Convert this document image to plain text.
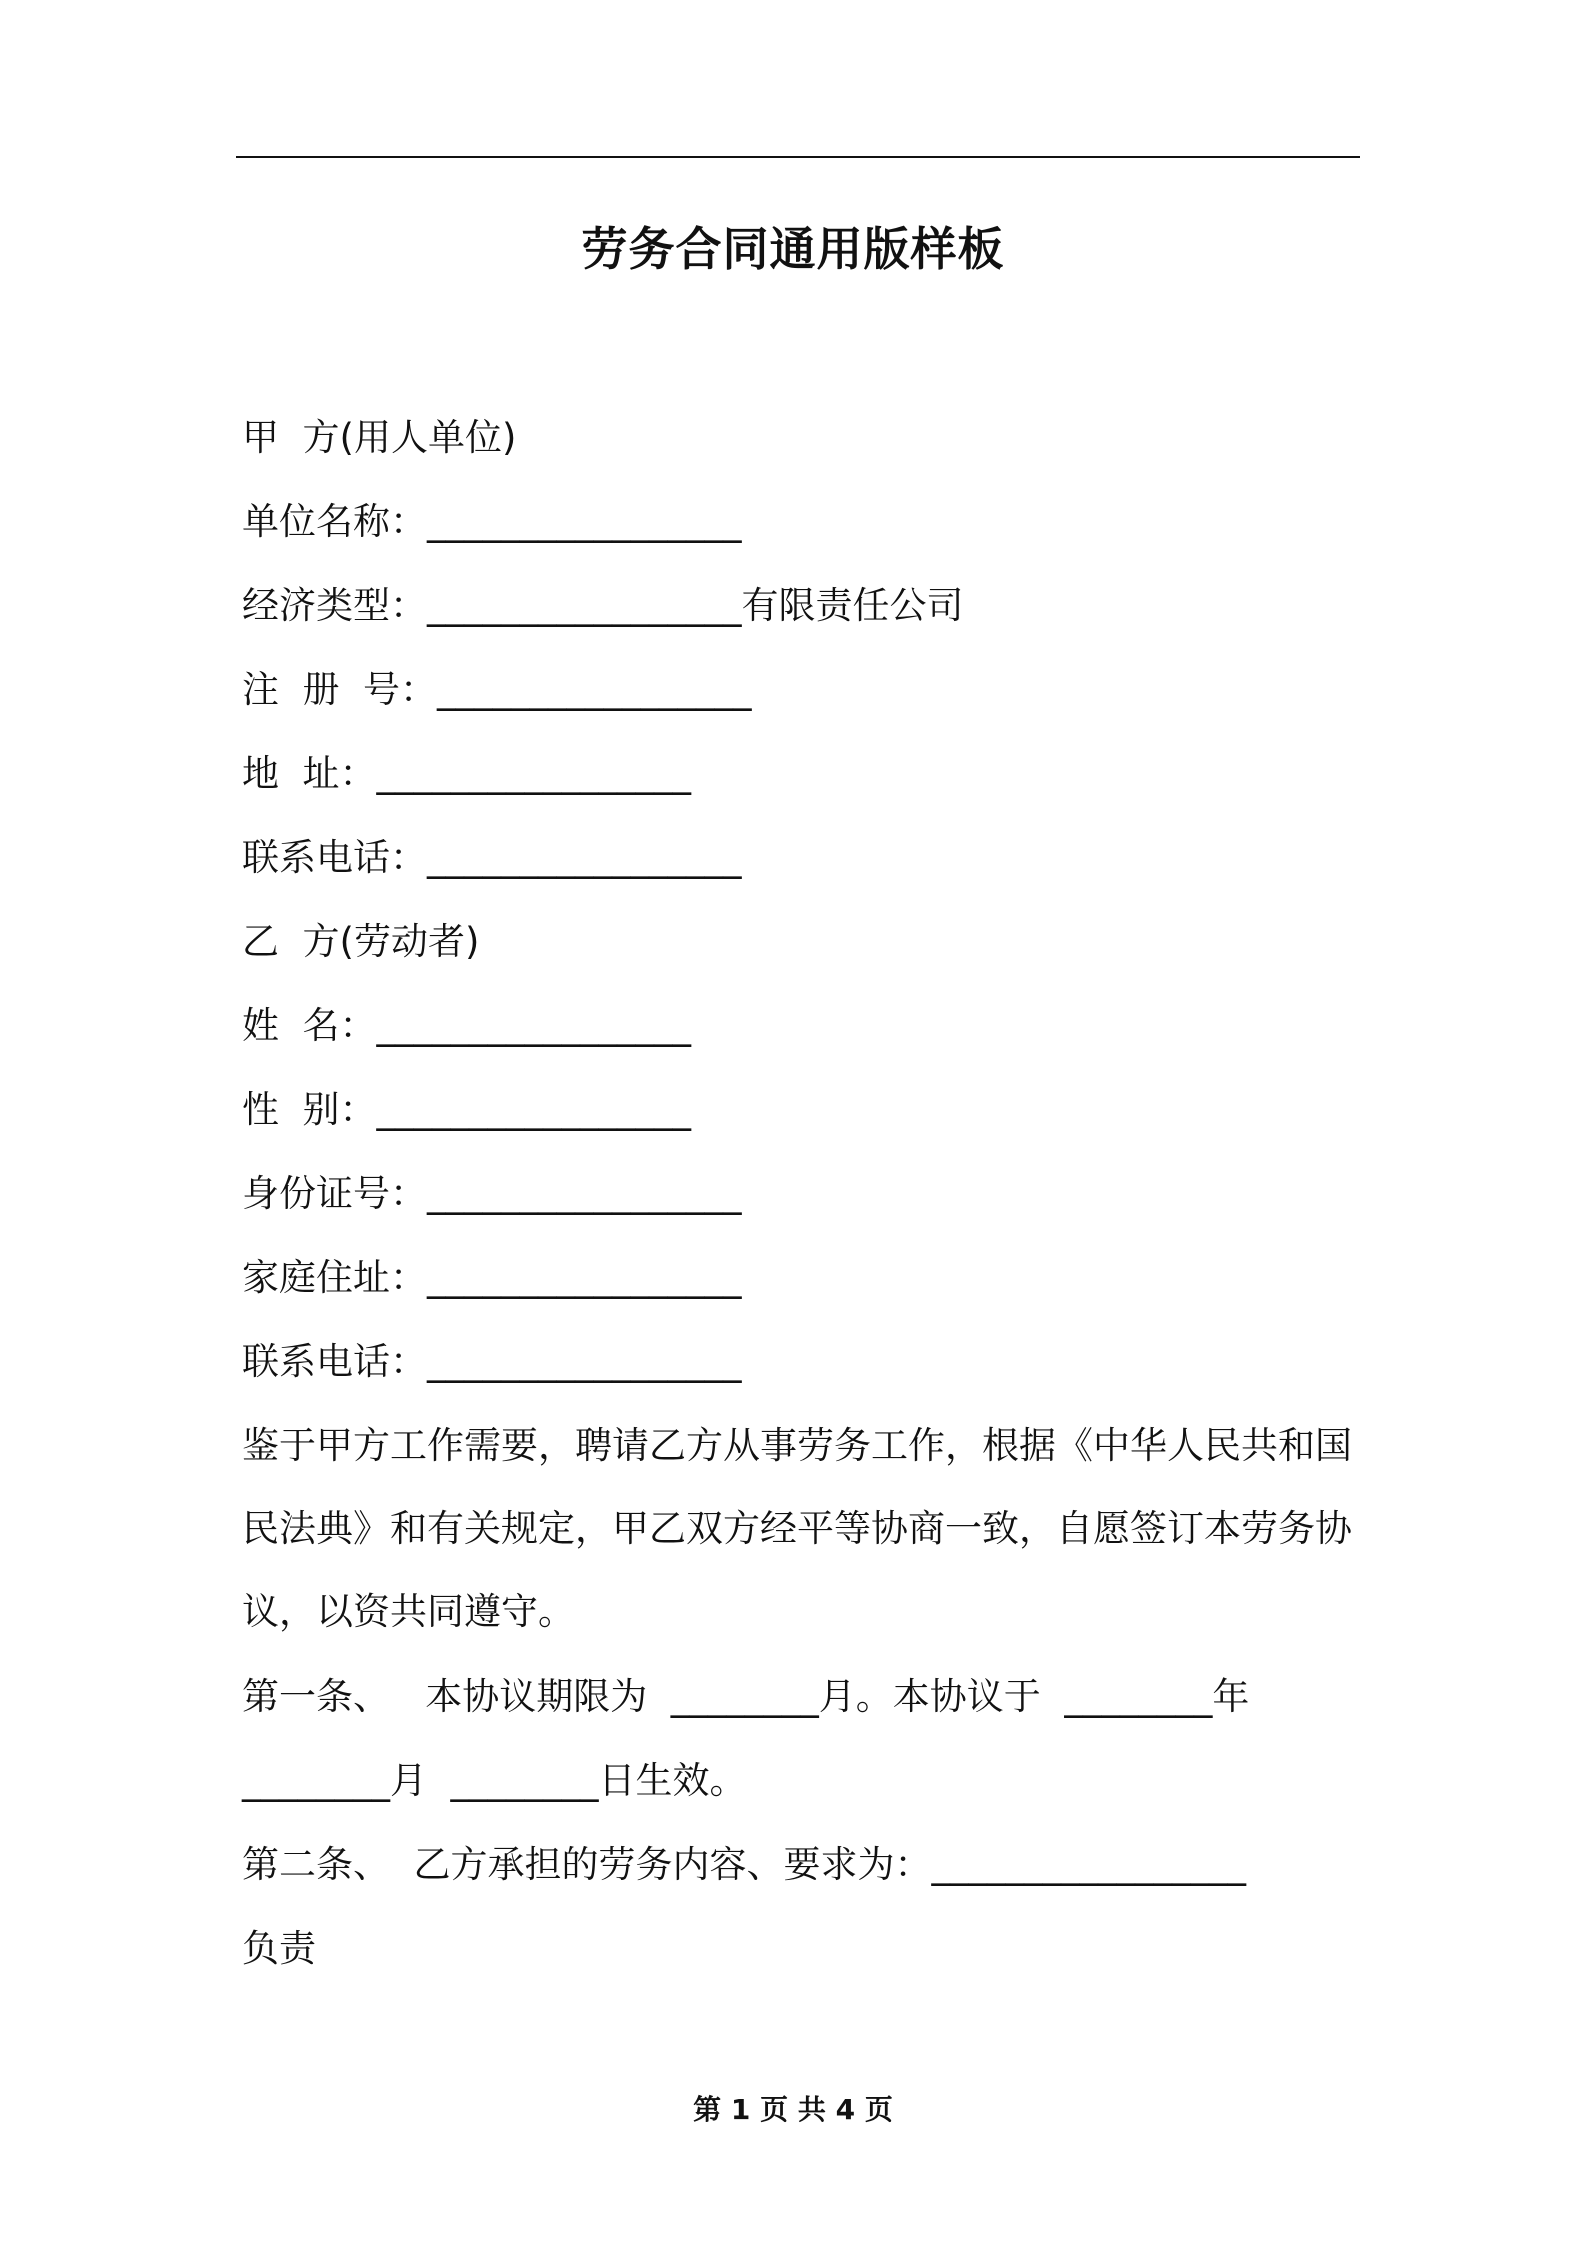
劳务合同通用版样板
甲  方(用人单位)
单位名称：_________________
经济类型：_________________有限责任公司
注  册  号：_________________
地  址：_________________
联系电话：_________________
乙  方(劳动者)
姓  名：_________________
性  别：_________________
身份证号：_________________
家庭住址：_________________
联系电话：_________________
鉴于甲方工作需要，聘请乙方从事劳务工作，根据《中华人民共和国民法典》和有关规定，甲乙双方经平等协商一致，自愿签订本劳务协议，以资共同遵守。
第一条、   本协议期限为  ________月。本协议于  ________年
________月  ________日生效。
第二条、  乙方承担的劳务内容、要求为：_________________
负责
第 1 页 共 4 页
